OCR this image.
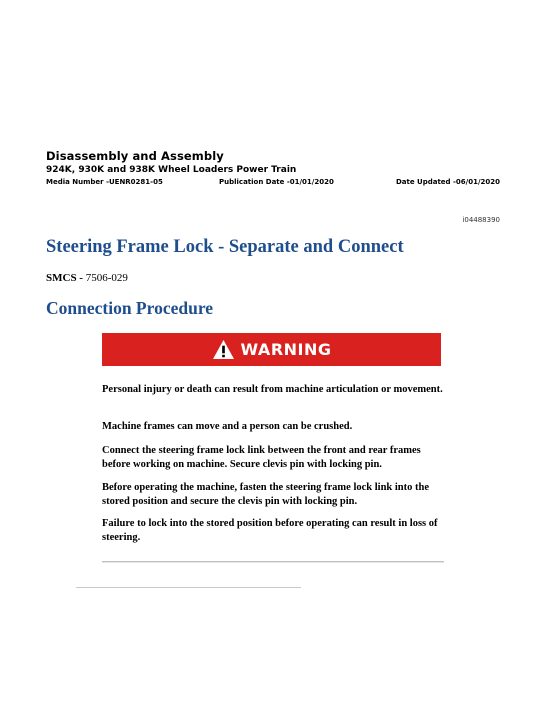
Disassembly and Assembly
924K, 930K and 938K Wheel Loaders Power Train
Media Number -UENR0281-05	Publication Date -01/01/2020	Date Updated -06/01/2020
i04488390
Steering Frame Lock - Separate and Connect
SMCS - 7506-029
Connection Procedure
WARNING

Personal injury or death can result from machine articulation or movement.

Machine frames can move and a person can be crushed.

Connect the steering frame lock link between the front and rear frames before working on machine. Secure clevis pin with locking pin.

Before operating the machine, fasten the steering frame lock link into the stored position and secure the clevis pin with locking pin.

Failure to lock into the stored position before operating can result in loss of steering.
